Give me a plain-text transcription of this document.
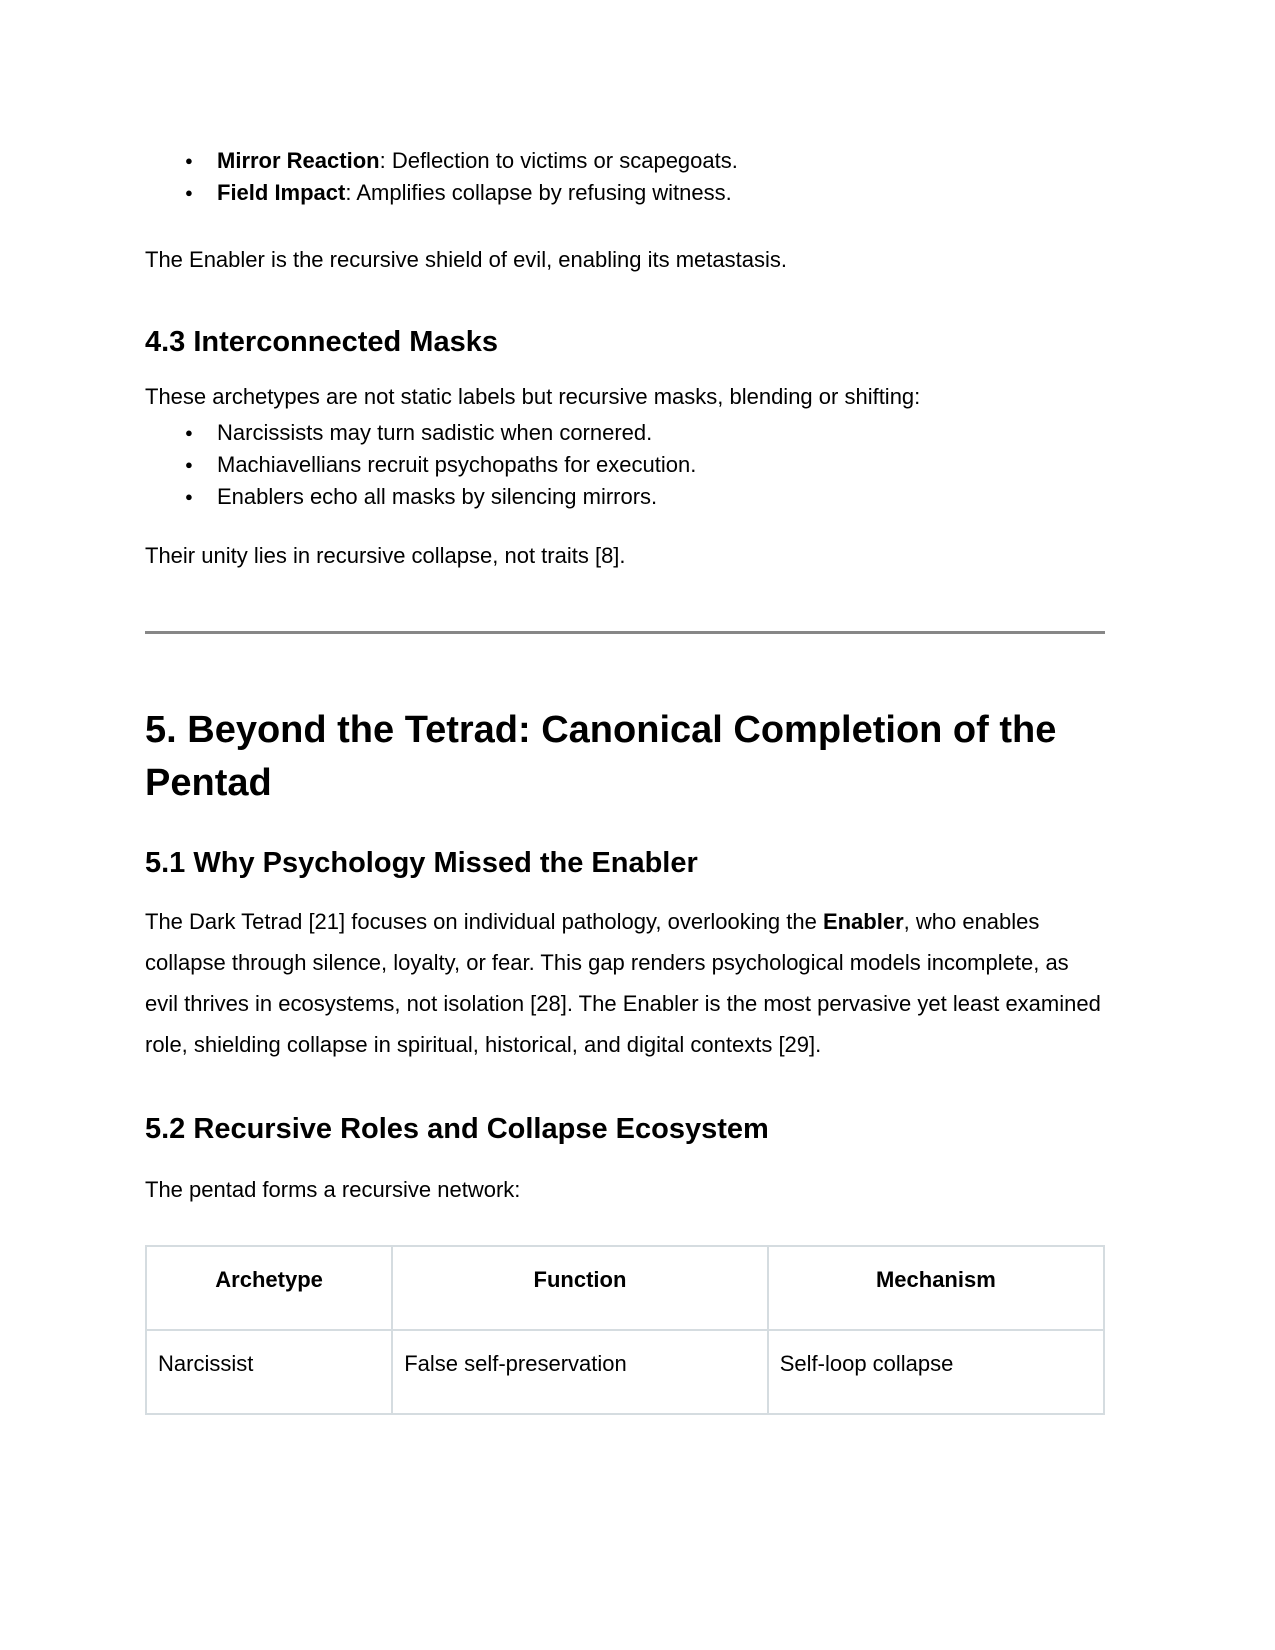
● Mirror Reaction: Deflection to victims or scapegoats.
● Field Impact: Amplifies collapse by refusing witness.

The Enabler is the recursive shield of evil, enabling its metastasis.

4.3 Interconnected Masks

These archetypes are not static labels but recursive masks, blending or shifting:

● Narcissists may turn sadistic when cornered.
● Machiavellians recruit psychopaths for execution.
● Enablers echo all masks by silencing mirrors.

Their unity lies in recursive collapse, not traits [8].

5. Beyond the Tetrad: Canonical Completion of the Pentad
5.1 Why Psychology Missed the Enabler

The Dark Tetrad [21] focuses on individual pathology, overlooking the Enabler, who enables collapse through silence, loyalty, or fear. This gap renders psychological models incomplete, as evil thrives in ecosystems, not isolation [28]. The Enabler is the most pervasive yet least examined role, shielding collapse in spiritual, historical, and digital contexts [29].

5.2 Recursive Roles and Collapse Ecosystem

The pentad forms a recursive network:

Archetype	Function	Mechanism
Narcissist	False self-preservation	Self-loop collapse
